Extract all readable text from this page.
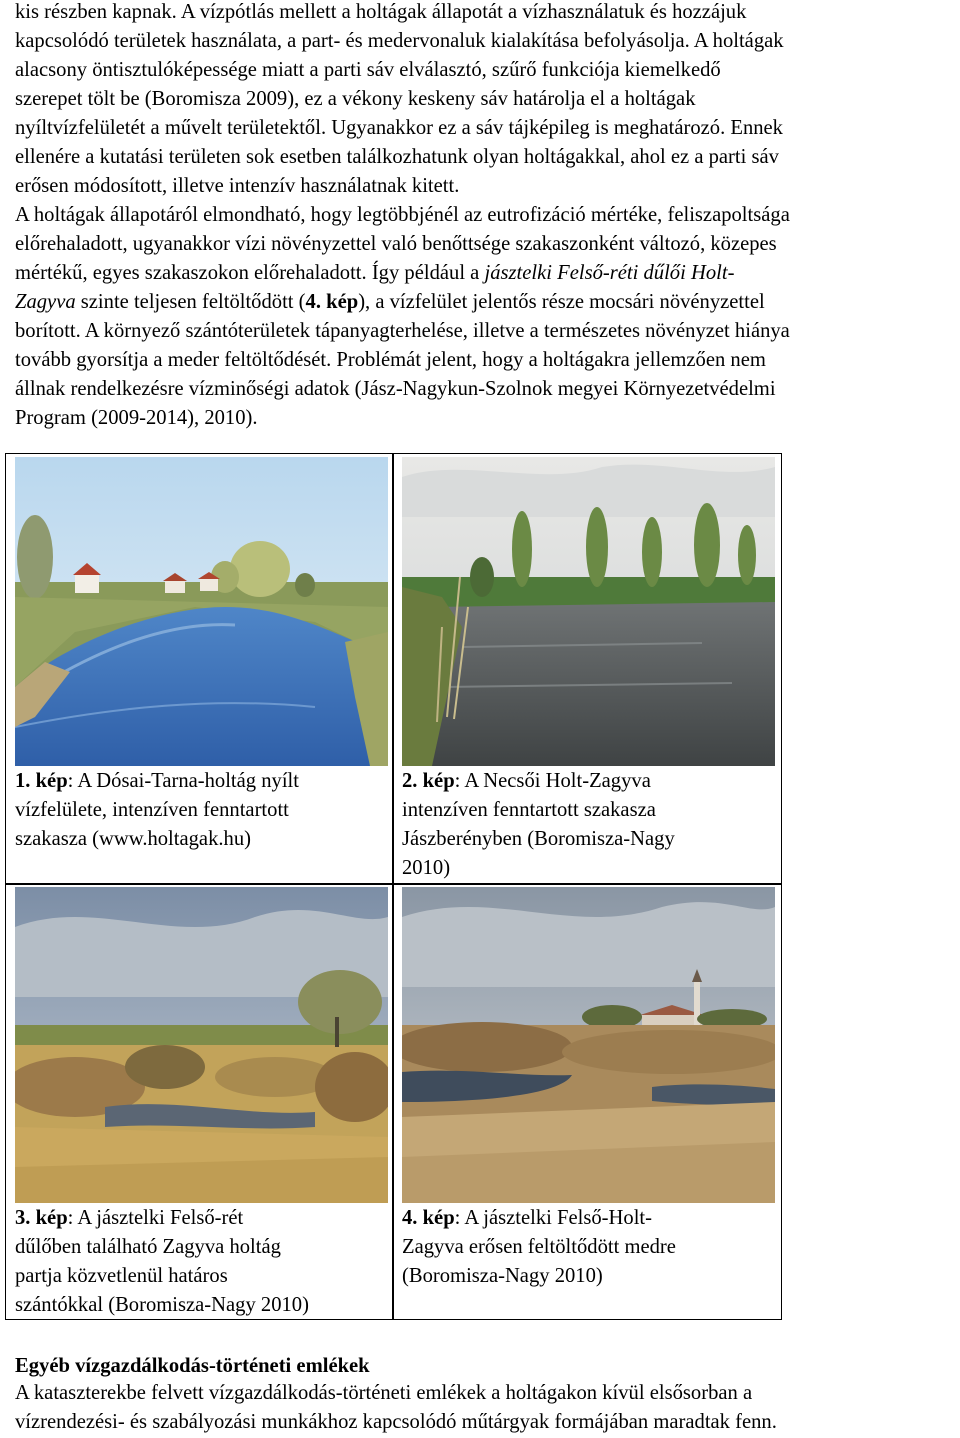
kis részben kapnak. A vízpótlás mellett a holtágak állapotát a vízhasználatuk és hozzájuk

kapcsolódó területek használata, a part- és medervonaluk kialakítása befolyásolja. A holtágak

alacsony öntisztulóképessége miatt a parti sáv elválasztó, szűrő funkciója kiemelkedő

szerepet tölt be (Boromisza 2009), ez a vékony keskeny sáv határolja el a holtágak

nyíltvízfelületét a művelt területektől. Ugyanakkor ez a sáv tájképileg is meghatározó. Ennek

ellenére a kutatási területen sok esetben találkozhatunk olyan holtágakkal, ahol ez a parti sáv

erősen módosított, illetve intenzív használatnak kitett.

A holtágak állapotáról elmondható, hogy legtöbbjénél az eutrofizáció mértéke, feliszapoltsága

előrehaladott, ugyanakkor vízi növényzettel való benőttsége szakaszonként változó, közepes

mértékű, egyes szakaszokon előrehaladott. Így például a jásztelki Felső-réti dűlői Holt-

Zagyva szinte teljesen feltöltődött (4. kép), a vízfelület jelentős része mocsári növényzettel

borított. A környező szántóterületek tápanyagterhelése, illetve a természetes növényzet hiánya

tovább gyorsítja a meder feltöltődését. Problémát jelent, hogy a holtágakra jellemzően nem

állnak rendelkezésre vízminőségi adatok (Jász-Nagykun-Szolnok megyei Környezetvédelmi

Program (2009-2014), 2010).

1. kép: A Dósai-Tarna-holtág nyílt
vízfelülete, intenzíven fenntartott
szakasza (www.holtagak.hu)
2. kép: A Necsői Holt-Zagyva
intenzíven fenntartott szakasza
Jászberényben (Boromisza-Nagy
2010)
3. kép: A jásztelki Felső-rét
dűlőben található Zagyva holtág
partja közvetlenül határos
szántókkal (Boromisza-Nagy 2010)
4. kép: A jásztelki Felső-Holt-
Zagyva erősen feltöltődött medre
(Boromisza-Nagy 2010)
Egyéb vízgazdálkodás-történeti emlékek

A kataszterekbe felvett vízgazdálkodás-történeti emlékek a holtágakon kívül elsősorban a

vízrendezési- és szabályozási munkákhoz kapcsolódó műtárgyak formájában maradtak fenn.
